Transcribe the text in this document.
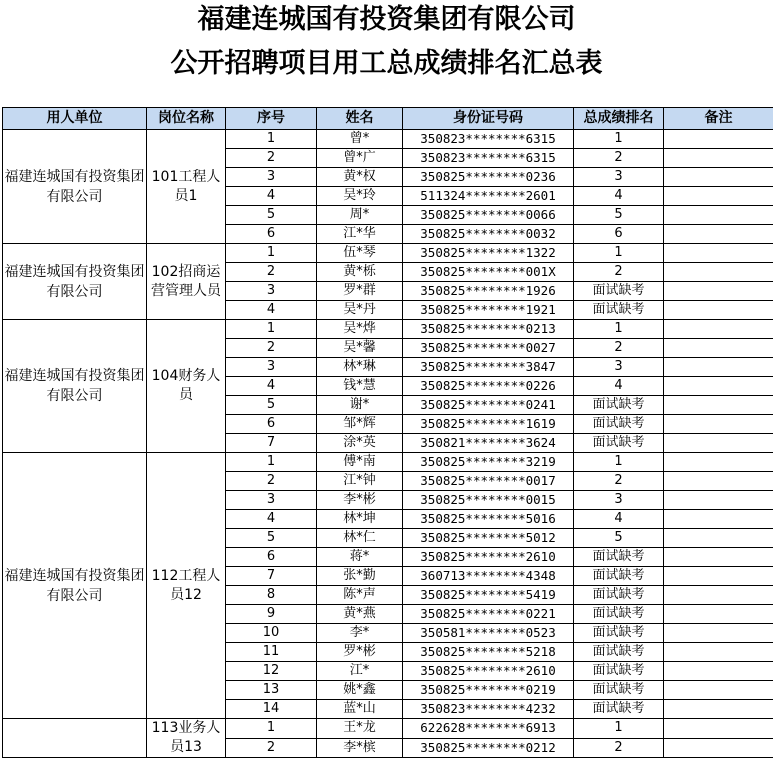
福建连城国有投资集团有限公司
公开招聘项目用工总成绩排名汇总表
用人单位	岗位名称	序号	姓名	身份证号码	总成绩排名	备注
福建连城国有投资集团有限公司	101工程人员1	1	曾*	350823********6315	1	
		2	曾*广	350823********6315	2	
		3	黄*权	350825********0236	3	
		4	吴*玲	511324********2601	4	
		5	周*	350825********0066	5	
		6	江*华	350825********0032	6	
福建连城国有投资集团有限公司	102招商运营管理人员	1	伍*琴	350825********1322	1	
		2	黄*栎	350825********001X	2	
		3	罗*群	350825********1926	面试缺考	
		4	吴*丹	350825********1921	面试缺考	
福建连城国有投资集团有限公司	104财务人员	1	吴*烨	350825********0213	1	
		2	吴*馨	350825********0027	2	
		3	林*琳	350825********3847	3	
		4	钱*慧	350825********0226	4	
		5	谢*	350825********0241	面试缺考	
		6	邹*辉	350825********1619	面试缺考	
		7	涂*英	350821********3624	面试缺考	
福建连城国有投资集团有限公司	112工程人员12	1	傅*南	350825********3219	1	
		2	江*钟	350825********0017	2	
		3	李*彬	350825********0015	3	
		4	林*坤	350825********5016	4	
		5	林*仁	350825********5012	5	
		6	蒋*	350825********2610	面试缺考	
		7	张*勤	360713********4348	面试缺考	
		8	陈*声	350825********5419	面试缺考	
		9	黄*燕	350825********0221	面试缺考	
		10	李*	350581********0523	面试缺考	
		11	罗*彬	350825********5218	面试缺考	
		12	江*	350825********2610	面试缺考	
		13	姚*鑫	350825********0219	面试缺考	
		14	蓝*山	350823********4232	面试缺考	
	113业务人员13	1	王*龙	622628********6913	1	
		2	李*槟	350825********0212	2	
